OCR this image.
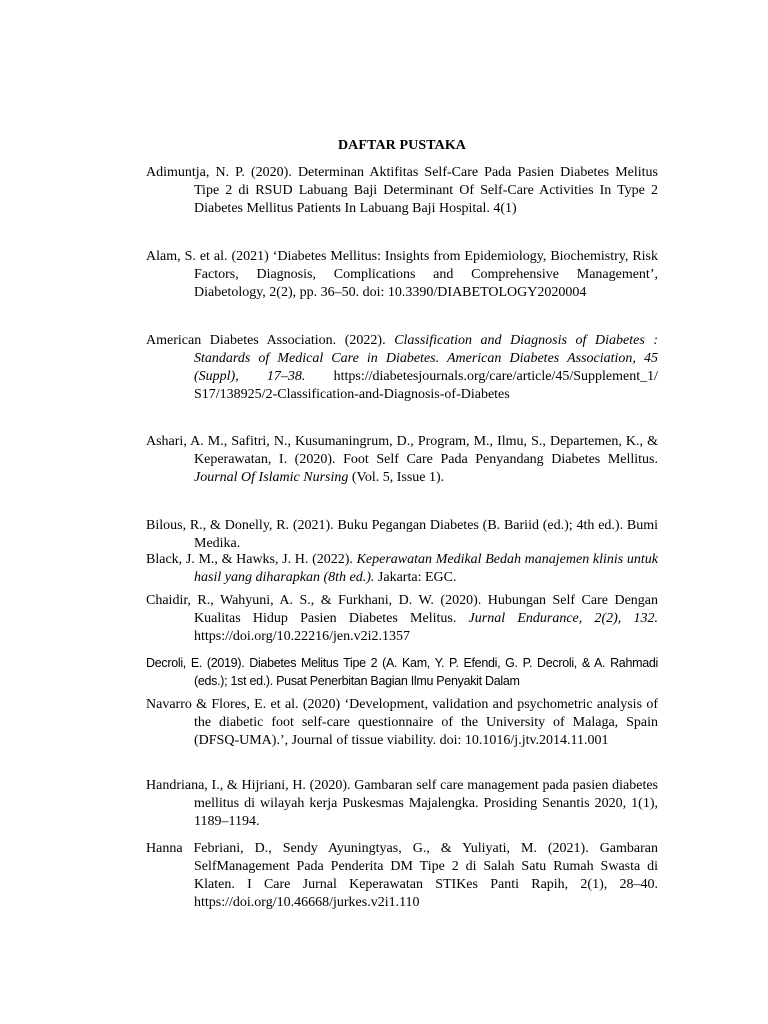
DAFTAR PUSTAKA
Adimuntja, N. P. (2020). Determinan Aktifitas Self-Care Pada Pasien Diabetes Melitus Tipe 2 di RSUD Labuang Baji Determinant Of Self-Care Activities In Type 2 Diabetes Mellitus Patients In Labuang Baji Hospital. 4(1)
Alam, S. et al. (2021) ‘Diabetes Mellitus: Insights from Epidemiology, Biochemistry, Risk Factors, Diagnosis, Complications and Comprehensive Management’, Diabetology, 2(2), pp. 36–50. doi: 10.3390/DIABETOLOGY2020004
American Diabetes Association. (2022). Classification and Diagnosis of Diabetes : Standards of Medical Care in Diabetes. American Diabetes Association, 45 (Suppl), 17–38. https://diabetesjournals.org/care/article/45/Supplement_1/ S17/138925/2-Classification-and-Diagnosis-of-Diabetes
Ashari, A. M., Safitri, N., Kusumaningrum, D., Program, M., Ilmu, S., Departemen, K., & Keperawatan, I. (2020). Foot Self Care Pada Penyandang Diabetes Mellitus. Journal Of Islamic Nursing (Vol. 5, Issue 1).
Bilous, R., & Donelly, R. (2021). Buku Pegangan Diabetes (B. Bariid (ed.); 4th ed.). Bumi Medika.
Black, J. M., & Hawks, J. H. (2022). Keperawatan Medikal Bedah manajemen klinis untuk hasil yang diharapkan (8th ed.). Jakarta: EGC.
Chaidir, R., Wahyuni, A. S., & Furkhani, D. W. (2020). Hubungan Self Care Dengan Kualitas Hidup Pasien Diabetes Melitus. Jurnal Endurance, 2(2), 132. https://doi.org/10.22216/jen.v2i2.1357
Decroli, E. (2019). Diabetes Melitus Tipe 2 (A. Kam, Y. P. Efendi, G. P. Decroli, & A. Rahmadi (eds.); 1st ed.). Pusat Penerbitan Bagian Ilmu Penyakit Dalam
Navarro & Flores, E. et al. (2020) ‘Development, validation and psychometric analysis of the diabetic foot self-care questionnaire of the University of Malaga, Spain (DFSQ-UMA).’, Journal of tissue viability. doi: 10.1016/j.jtv.2014.11.001
Handriana, I., & Hijriani, H. (2020). Gambaran self care management pada pasien diabetes mellitus di wilayah kerja Puskesmas Majalengka. Prosiding Senantis 2020, 1(1), 1189–1194.
Hanna Febriani, D., Sendy Ayuningtyas, G., & Yuliyati, M. (2021). Gambaran SelfManagement Pada Penderita DM Tipe 2 di Salah Satu Rumah Swasta di Klaten. I Care Jurnal Keperawatan STIKes Panti Rapih, 2(1), 28–40. https://doi.org/10.46668/jurkes.v2i1.110
